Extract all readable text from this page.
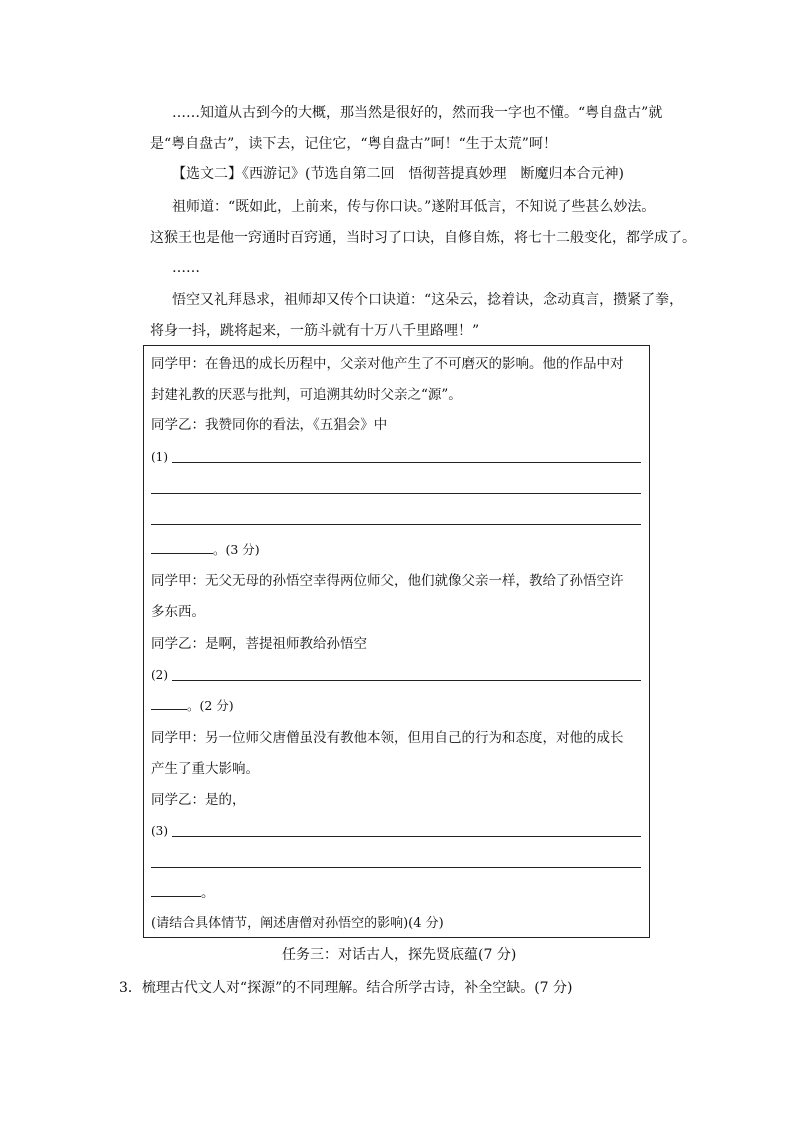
……知道从古到今的大概，那当然是很好的，然而我一字也不懂。“粤自盘古”就
是“粤自盘古”，读下去，记住它，“粤自盘古”呵！“生于太荒”呵！
【选文二】《西游记》(节选自第二回　悟彻菩提真妙理　断魔归本合元神)
祖师道：“既如此，上前来，传与你口诀。”遂附耳低言，不知说了些甚么妙法。
这猴王也是他一窍通时百窍通，当时习了口诀，自修自炼，将七十二般变化，都学成了。
……
悟空又礼拜恳求，祖师却又传个口诀道：“这朵云，捻着诀，念动真言，攒紧了拳，
将身一抖，跳将起来，一筋斗就有十万八千里路哩！”
同学甲：在鲁迅的成长历程中，父亲对他产生了不可磨灭的影响。他的作品中对
封建礼教的厌恶与批判，可追溯其幼时父亲之“源”。
同学乙：我赞同你的看法，《五猖会》中
(1)
。(3 分)
同学甲：无父无母的孙悟空幸得两位师父，他们就像父亲一样，教给了孙悟空许
多东西。
同学乙：是啊，菩提祖师教给孙悟空
(2)
。(2 分)
同学甲：另一位师父唐僧虽没有教他本领，但用自己的行为和态度，对他的成长
产生了重大影响。
同学乙：是的，
(3)
。
(请结合具体情节，阐述唐僧对孙悟空的影响)(4 分)
任务三：对话古人，探先贤底蕴(7 分)
3．梳理古代文人对“探源”的不同理解。结合所学古诗，补全空缺。(7 分)
